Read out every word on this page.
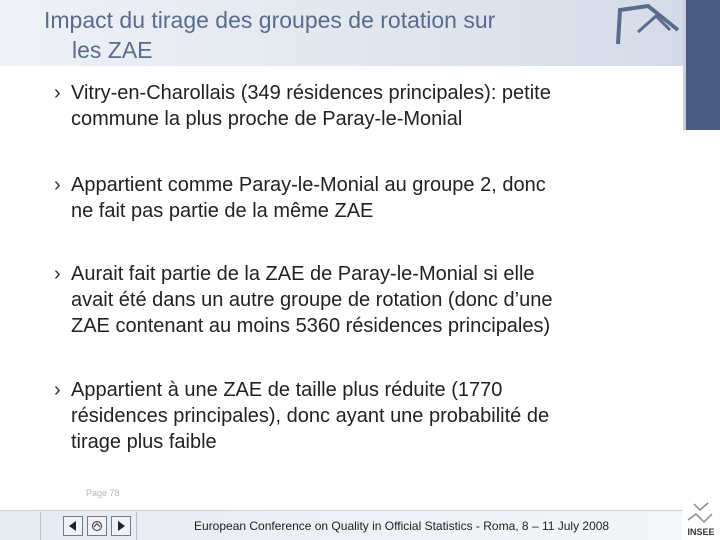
Impact du tirage des groupes de rotation sur
les ZAE
› Vitry-en-Charollais (349 résidences principales): petite
commune la plus proche de Paray-le-Monial
› Appartient comme Paray-le-Monial au groupe 2, donc
ne fait pas partie de la même ZAE
› Aurait fait partie de la ZAE de Paray-le-Monial si elle
avait été dans un autre groupe de rotation (donc d’une
ZAE contenant au moins 5360 résidences principales)
› Appartient à une ZAE de taille plus réduite (1770
résidences principales), donc ayant une probabilité de
tirage plus faible
Page 78
European Conference on Quality in Official Statistics - Roma, 8 – 11 July 2008	INSEE
